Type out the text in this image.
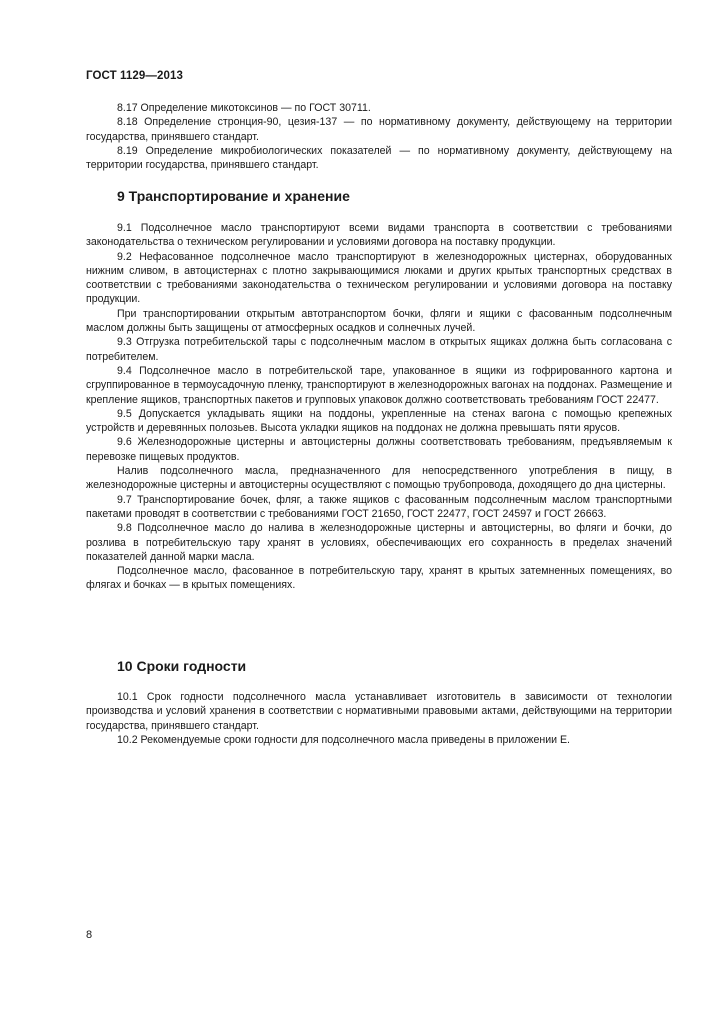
ГОСТ 1129—2013

8.17 Определение микотоксинов — по ГОСТ 30711.

8.18 Определение стронция-90, цезия-137 — по нормативному документу, действующему на территории государства, принявшего стандарт.

8.19 Определение микробиологических показателей — по нормативному документу, действующему на территории государства, принявшего стандарт.

9 Транспортирование и хранение

9.1 Подсолнечное масло транспортируют всеми видами транспорта в соответствии с требованиями законодательства о техническом регулировании и условиями договора на поставку продукции.

9.2 Нефасованное подсолнечное масло транспортируют в железнодорожных цистернах, оборудованных нижним сливом, в автоцистернах с плотно закрывающимися люками и других крытых транспортных средствах в соответствии с требованиями законодательства о техническом регулировании и условиями договора на поставку продукции.

При транспортировании открытым автотранспортом бочки, фляги и ящики с фасованным подсолнечным маслом должны быть защищены от атмосферных осадков и солнечных лучей.

9.3 Отгрузка потребительской тары с подсолнечным маслом в открытых ящиках должна быть согласована с потребителем.

9.4 Подсолнечное масло в потребительской таре, упакованное в ящики из гофрированного картона и сгруппированное в термоусадочную пленку, транспортируют в железнодорожных вагонах на поддонах. Размещение и крепление ящиков, транспортных пакетов и групповых упаковок должно соответствовать требованиям ГОСТ 22477.

9.5 Допускается укладывать ящики на поддоны, укрепленные на стенах вагона с помощью крепежных устройств и деревянных полозьев. Высота укладки ящиков на поддонах не должна превышать пяти ярусов.

9.6 Железнодорожные цистерны и автоцистерны должны соответствовать требованиям, предъявляемым к перевозке пищевых продуктов.

Налив подсолнечного масла, предназначенного для непосредственного употребления в пищу, в железнодорожные цистерны и автоцистерны осуществляют с помощью трубопровода, доходящего до дна цистерны.

9.7 Транспортирование бочек, фляг, а также ящиков с фасованным подсолнечным маслом транспортными пакетами проводят в соответствии с требованиями ГОСТ 21650, ГОСТ 22477, ГОСТ 24597 и ГОСТ 26663.

9.8 Подсолнечное масло до налива в железнодорожные цистерны и автоцистерны, во фляги и бочки, до розлива в потребительскую тару хранят в условиях, обеспечивающих его сохранность в пределах значений показателей данной марки масла.

Подсолнечное масло, фасованное в потребительскую тару, хранят в крытых затемненных помещениях, во флягах и бочках — в крытых помещениях.

10 Сроки годности

10.1 Срок годности подсолнечного масла устанавливает изготовитель в зависимости от технологии производства и условий хранения в соответствии с нормативными правовыми актами, действующими на территории государства, принявшего стандарт.

10.2 Рекомендуемые сроки годности для подсолнечного масла приведены в приложении Е.

8
